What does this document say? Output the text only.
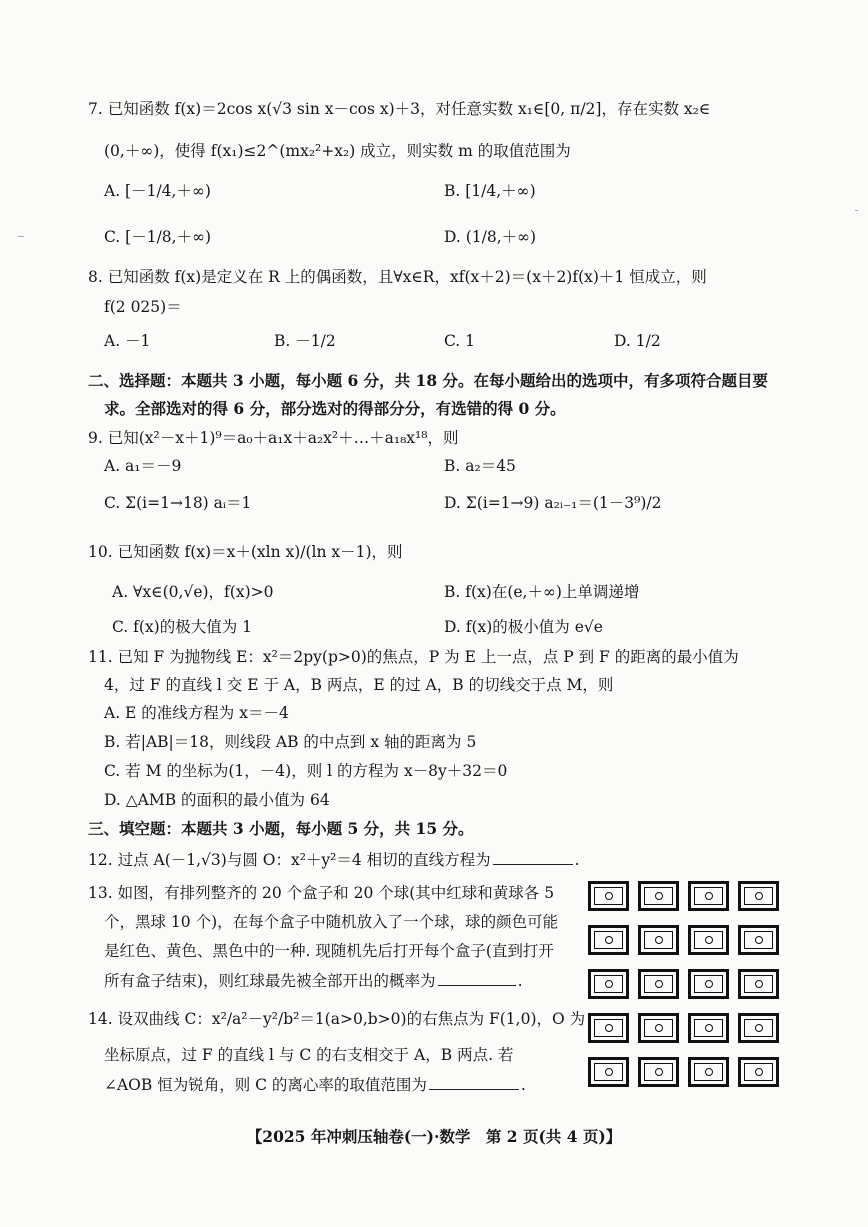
7. 已知函数 f(x)＝2cos x(√3 sin x－cos x)＋3，对任意实数 x₁∈[0, π/2]，存在实数 x₂∈
(0,＋∞)，使得 f(x₁)≤2^(mx₂²+x₂) 成立，则实数 m 的取值范围为
A. [－1/4,＋∞)	B. [1/4,＋∞)
C. [－1/8,＋∞)	D. (1/8,＋∞)
8. 已知函数 f(x)是定义在 R 上的偶函数，且∀x∈R，xf(x＋2)＝(x＋2)f(x)＋1 恒成立，则
f(2 025)＝
A. －1	B. －1/2	C. 1	D. 1/2
二、选择题：本题共 3 小题，每小题 6 分，共 18 分。在每小题给出的选项中，有多项符合题目要
求。全部选对的得 6 分，部分选对的得部分分，有选错的得 0 分。
9. 已知(x²－x＋1)⁹＝a₀＋a₁x＋a₂x²＋…＋a₁₈x¹⁸，则
A. a₁＝－9	B. a₂＝45
C. Σ(i=1→18) aᵢ＝1	D. Σ(i=1→9) a₂ᵢ₋₁＝(1－3⁹)/2
10. 已知函数 f(x)＝x＋(xln x)/(ln x－1)，则
A. ∀x∈(0,√e)，f(x)>0	B. f(x)在(e,＋∞)上单调递增
C. f(x)的极大值为 1	D. f(x)的极小值为 e√e
11. 已知 F 为抛物线 E：x²＝2py(p>0)的焦点，P 为 E 上一点，点 P 到 F 的距离的最小值为
4，过 F 的直线 l 交 E 于 A，B 两点，E 的过 A，B 的切线交于点 M，则
A. E 的准线方程为 x＝－4
B. 若|AB|＝18，则线段 AB 的中点到 x 轴的距离为 5
C. 若 M 的坐标为(1，－4)，则 l 的方程为 x－8y＋32＝0
D. △AMB 的面积的最小值为 64
三、填空题：本题共 3 小题，每小题 5 分，共 15 分。
12. 过点 A(－1,√3)与圆 O：x²＋y²＝4 相切的直线方程为	.
13. 如图，有排列整齐的 20 个盒子和 20 个球(其中红球和黄球各 5
个，黑球 10 个)，在每个盒子中随机放入了一个球，球的颜色可能
是红色、黄色、黑色中的一种. 现随机先后打开每个盒子(直到打开
所有盒子结束)，则红球最先被全部开出的概率为	.
14. 设双曲线 C：x²/a²－y²/b²＝1(a>0,b>0)的右焦点为 F(1,0)，O 为
坐标原点，过 F 的直线 l 与 C 的右支相交于 A，B 两点. 若
∠AOB 恒为锐角，则 C 的离心率的取值范围为	.
【2025 年冲刺压轴卷(一)·数学　第 2 页(共 4 页)】
